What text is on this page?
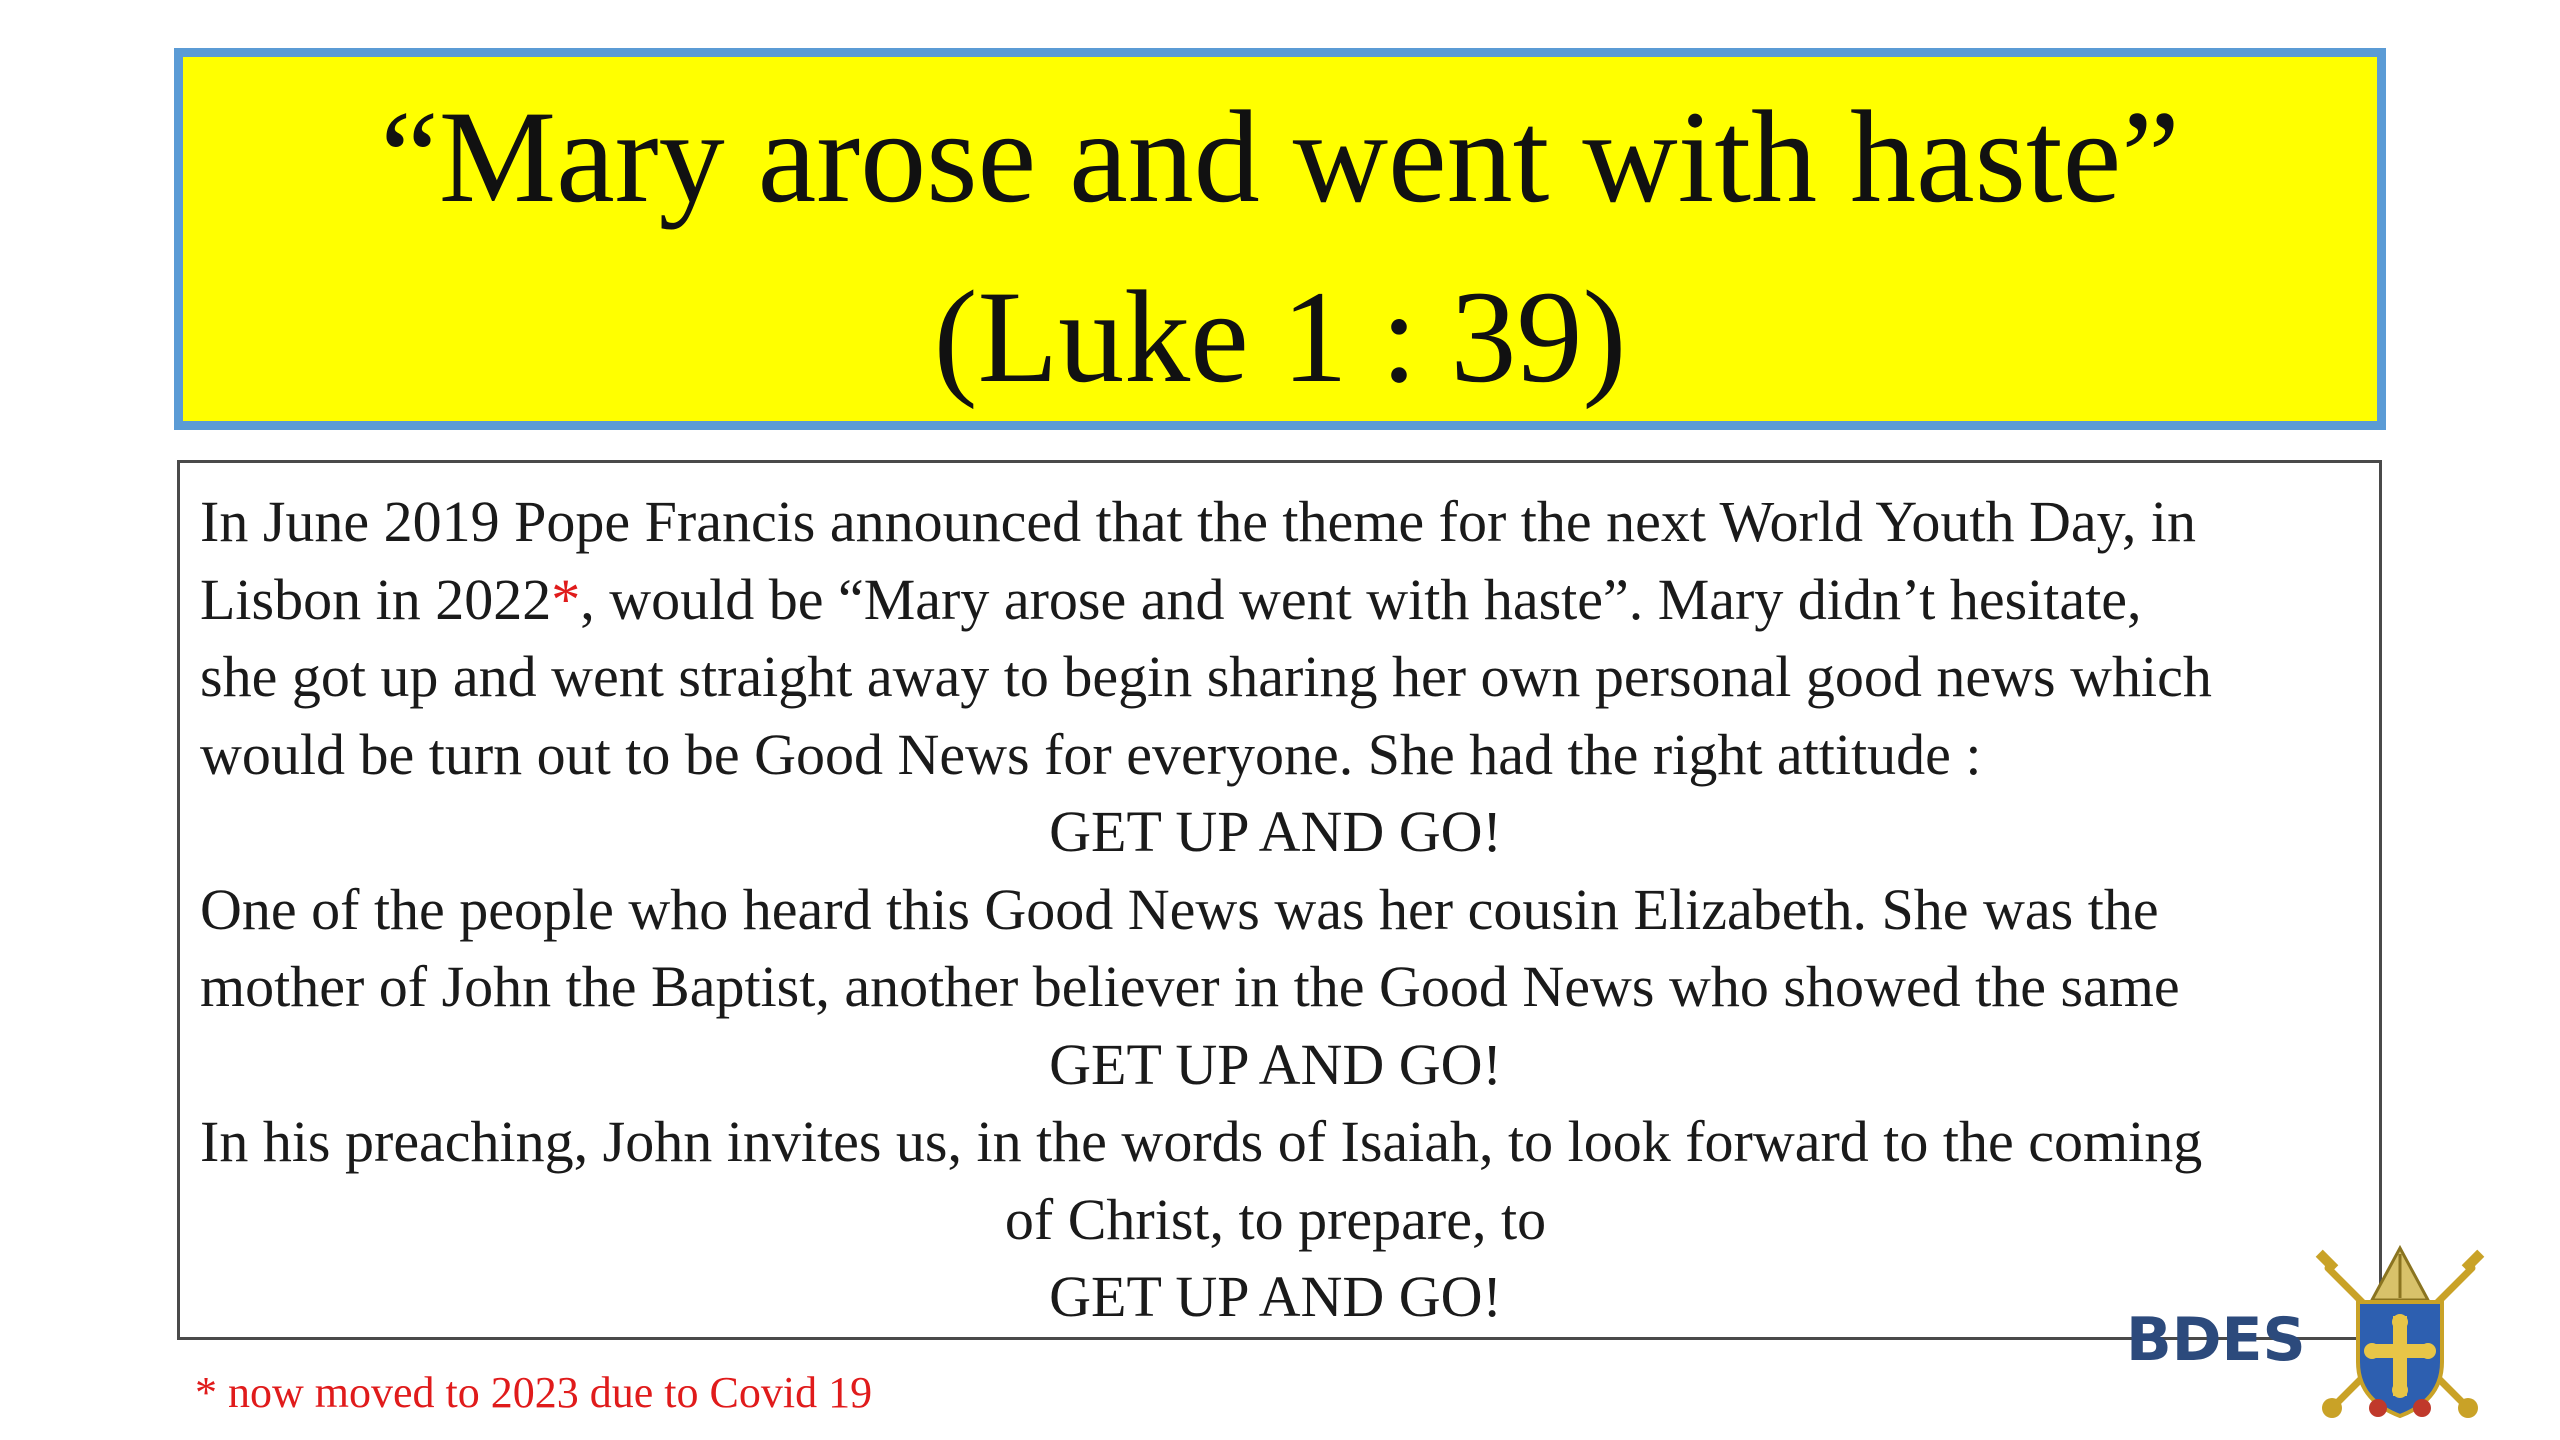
“Mary arose and went with haste”
(Luke 1 : 39)
In June 2019 Pope Francis announced that the theme for the next World Youth Day, in
Lisbon in 2022*, would be “Mary arose and went with haste”. Mary didn’t hesitate,
she got up and went straight away to begin sharing her own personal good news which
would be turn out to be Good News for everyone. She had the right attitude :
GET UP AND GO!
One of the people who heard this Good News was her cousin Elizabeth. She was the
mother of John the Baptist, another believer in the Good News who showed the same
GET UP AND GO!
In his preaching, John invites us, in the words of Isaiah, to look forward to the coming
of Christ, to prepare, to
GET UP AND GO!
* now moved to 2023 due to Covid 19
BDES
